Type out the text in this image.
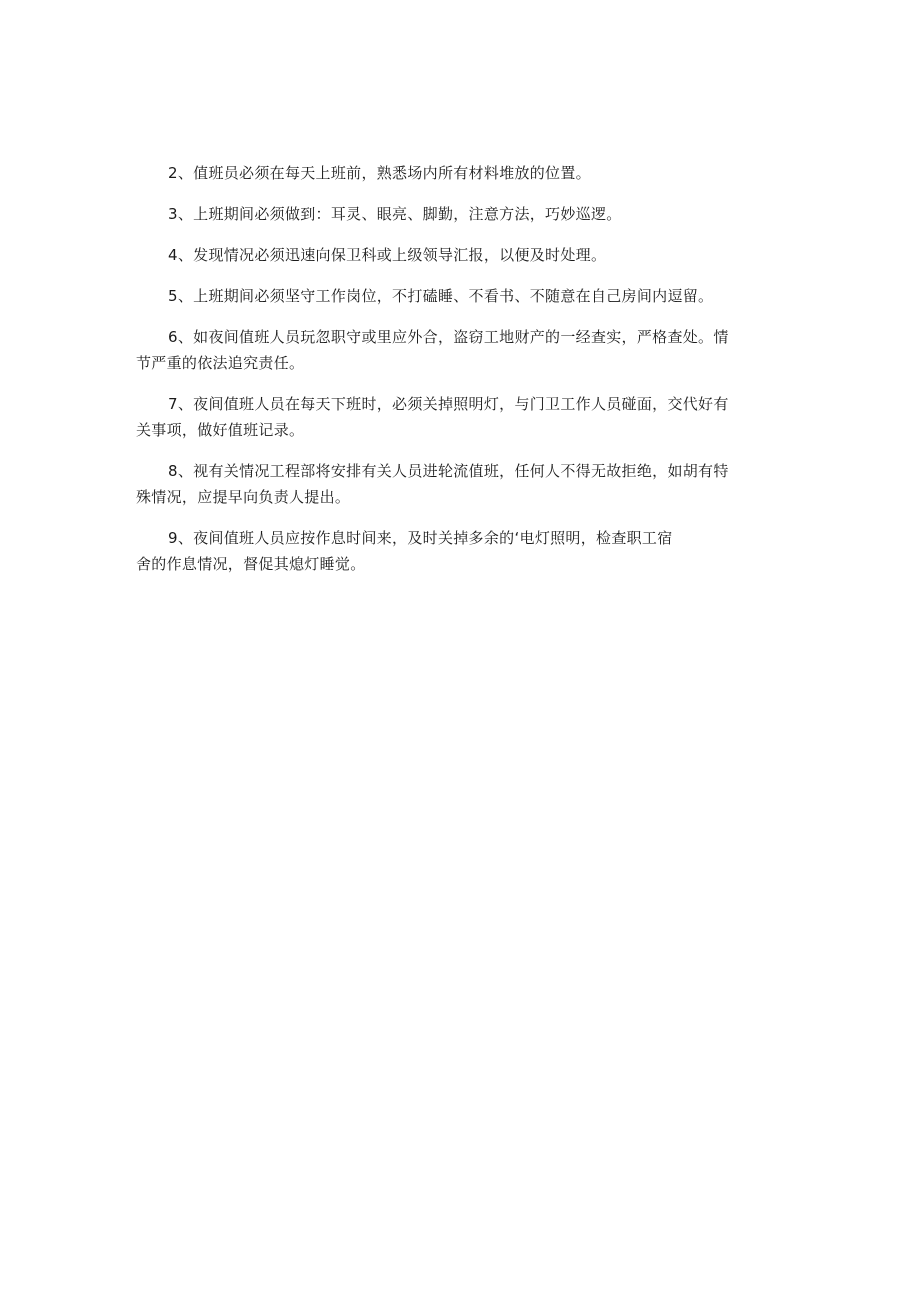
2、值班员必须在每天上班前，熟悉场内所有材料堆放的位置。
3、上班期间必须做到：耳灵、眼亮、脚勤，注意方法，巧妙巡逻。
4、发现情况必须迅速向保卫科或上级领导汇报，以便及时处理。
5、上班期间必须坚守工作岗位，不打磕睡、不看书、不随意在自己房间内逗留。
6、如夜间值班人员玩忽职守或里应外合，盗窃工地财产的一经查实，严格查处。情
节严重的依法追究责任。
7、夜间值班人员在每天下班时，必须关掉照明灯，与门卫工作人员碰面，交代好有
关事项，做好值班记录。
8、视有关情况工程部将安排有关人员进轮流值班，任何人不得无故拒绝，如胡有特
殊情况，应提早向负责人提出。
9、夜间值班人员应按作息时间来，及时关掉多余的‘电灯照明，检查职工宿
舍的作息情况，督促其熄灯睡觉。
